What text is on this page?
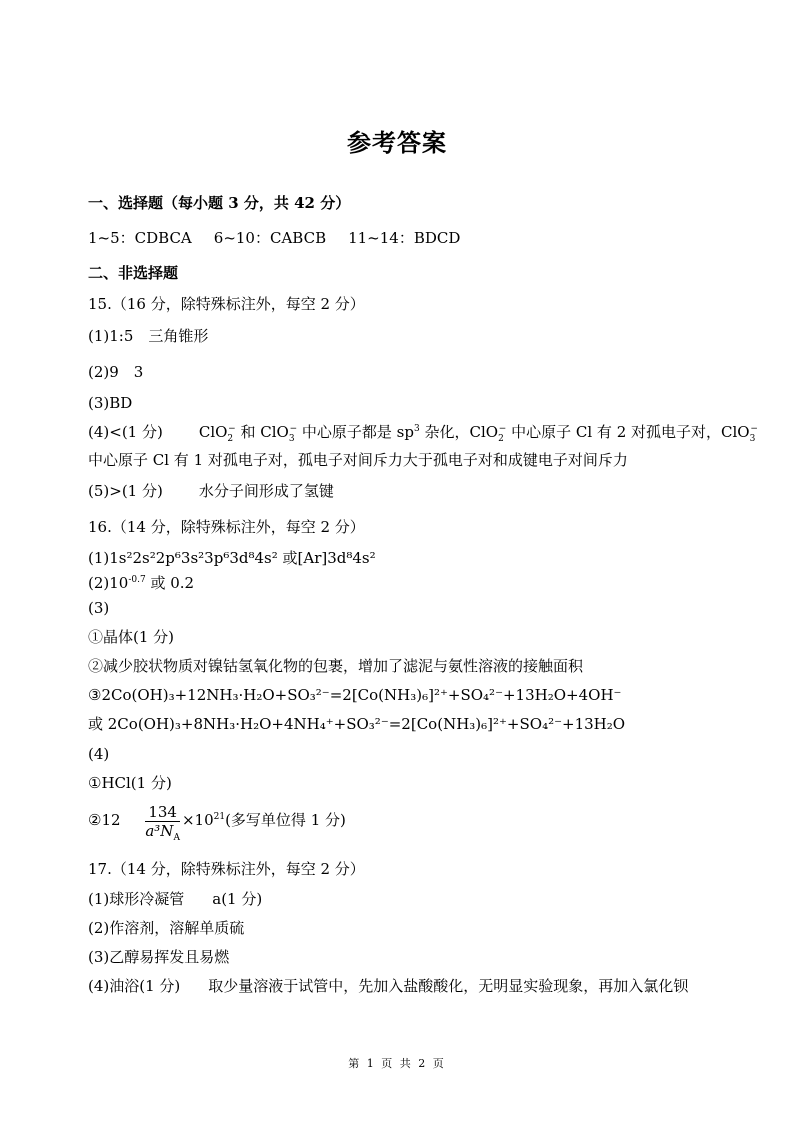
参考答案
一、选择题（每小题 3 分，共 42 分）
1~5：CDBCA 6~10：CABCB 11~14：BDCD
二、非选择题
15.（16 分，除特殊标注外，每空 2 分）
(1)1:5　三角锥形
(2)9　3
(3)BD
(4)<(1 分) ClO$_2$− 和 ClO$_3$− 中心原子都是 $sp^3$ 杂化，ClO$_2$− 中心原子 Cl 有 2 对孤电子对，ClO$_3$−
中心原子 Cl 有 1 对孤电子对，孤电子对间斥力大于孤电子对和成键电子对间斥力
(5)>(1 分) 水分子间形成了氢键
16.（14 分，除特殊标注外，每空 2 分）
(1)1s²2s²2p⁶3s²3p⁶3d⁸4s² 或[Ar]3d⁸4s²
$(2)10^{-0.7}$ 或 0.2
(3)
①晶体(1 分)
②减少胶状物质对镍钴氢氧化物的包裹，增加了滤泥与氨性溶液的接触面积
③2Co(OH)₃+12NH₃·H₂O+SO₃²⁻=2[Co(NH₃)₆]²⁺+SO₄²⁻+13H₂O+4OH⁻
或 2Co(OH)₃+8NH₃·H₂O+4NH₄⁺+SO₃²⁻=2[Co(NH₃)₆]²⁺+SO₄²⁻+13H₂O
(4)
①HCl(1 分)
②12 $\frac{134}{a^3N_A} \times 10^{21}$(多写单位得 1 分)
17.（14 分，除特殊标注外，每空 2 分）
(1)球形冷凝管 a(1 分)
(2)作溶剂，溶解单质硫
(3)乙醇易挥发且易燃
(4)油浴(1 分) 取少量溶液于试管中，先加入盐酸酸化，无明显实验现象，再加入氯化钡
第 1 页 共 2 页
